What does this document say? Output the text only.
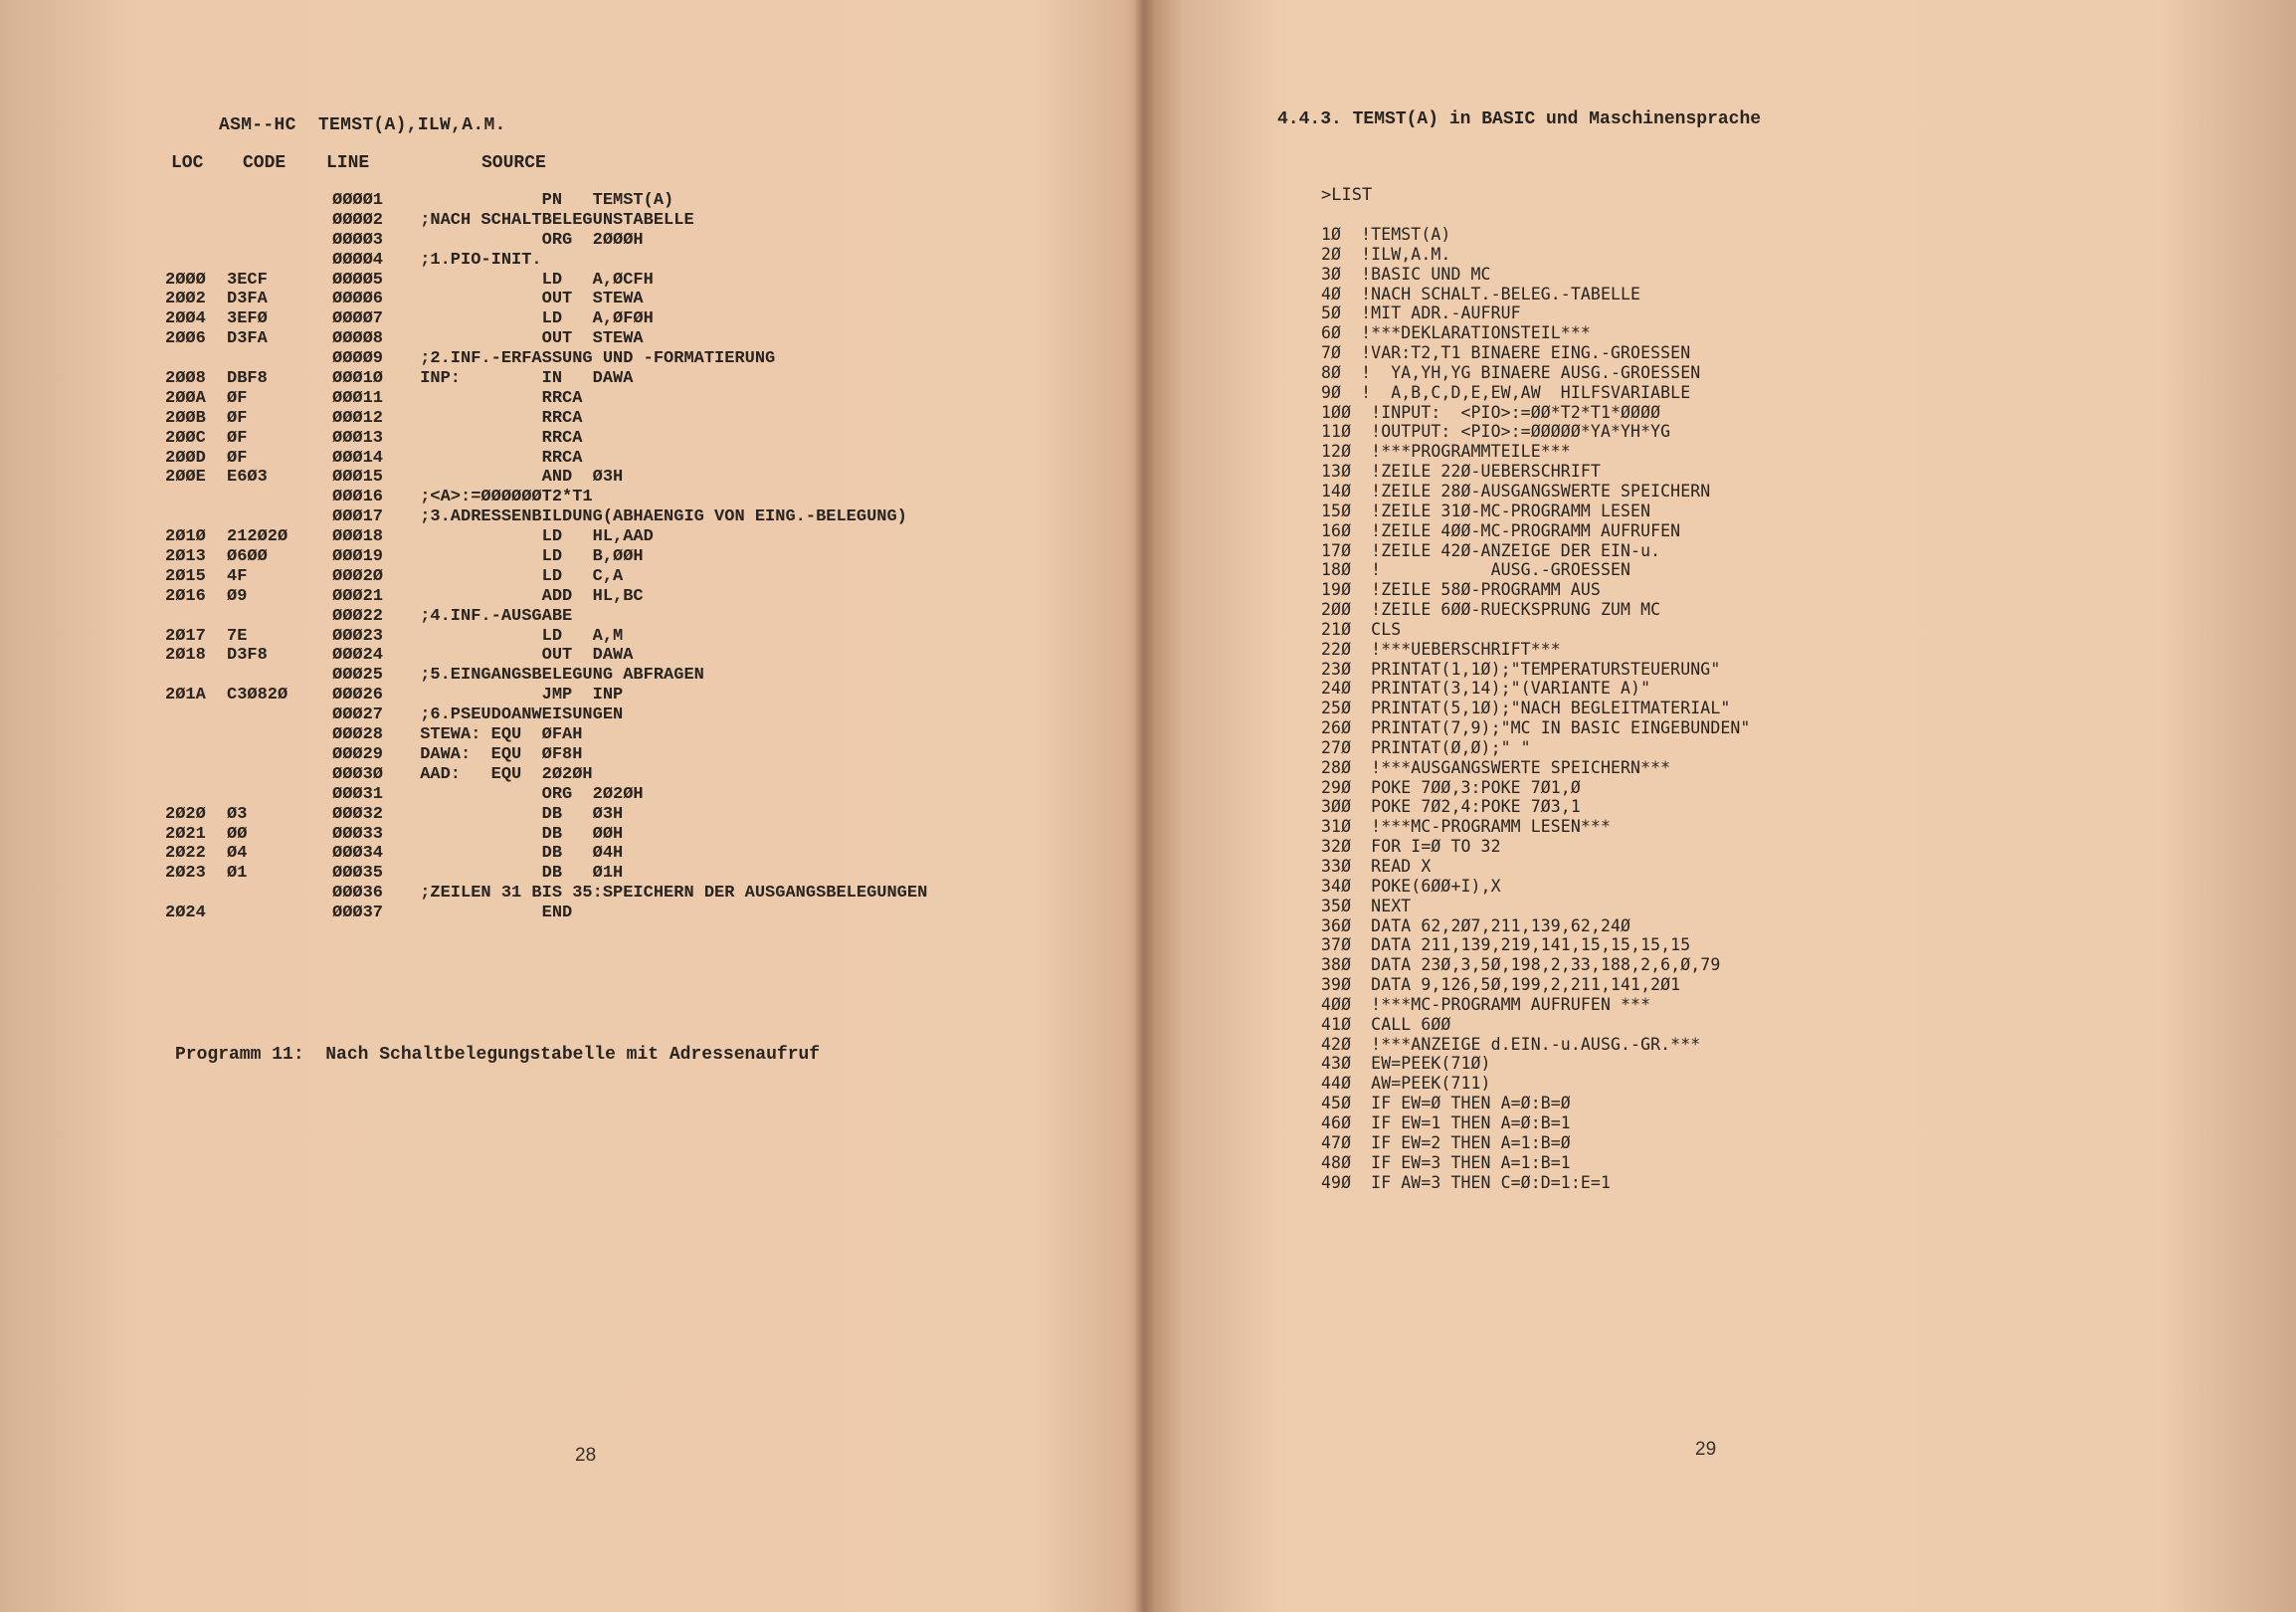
ASM--HC  TEMST(A),ILW,A.M.
LOC CODE LINE	SOURCE
ØØØØ1 PN   TEMST(A)
ØØØØ2 ;NACH SCHALTBELEGUNSTABELLE
ØØØØ3 ORG  2ØØØH
ØØØØ4 ;1.PIO-INIT.
2ØØØ 3ECF	ØØØØ5 LD   A,ØCFH
2ØØ2 D3FA	ØØØØ6 OUT  STEWA
2ØØ4 3EFØ	ØØØØ7 LD   A,ØFØH
2ØØ6 D3FA	ØØØØ8 OUT  STEWA
ØØØØ9 ;2.INF.-ERFASSUNG UND -FORMATIERUNG
2ØØ8 DBF8	ØØØ1Ø INP:        IN   DAWA
2ØØA ØF	ØØØ11 RRCA
2ØØB ØF	ØØØ12 RRCA
2ØØC ØF	ØØØ13 RRCA
2ØØD ØF	ØØØ14 RRCA
2ØØE E6Ø3	ØØØ15 AND  Ø3H
ØØØ16 ;<A>:=ØØØØØØT2*T1
ØØØ17 ;3.ADRESSENBILDUNG(ABHAENGIG VON EING.-BELEGUNG)
2Ø1Ø 212Ø2Ø	ØØØ18 LD   HL,AAD
2Ø13 Ø6ØØ	ØØØ19 LD   B,ØØH
2Ø15 4F	ØØØ2Ø LD   C,A
2Ø16 Ø9	ØØØ21 ADD  HL,BC
ØØØ22 ;4.INF.-AUSGABE
2Ø17 7E	ØØØ23 LD   A,M
2Ø18 D3F8	ØØØ24 OUT  DAWA
ØØØ25 ;5.EINGANGSBELEGUNG ABFRAGEN
2Ø1A C3Ø82Ø	ØØØ26 JMP  INP
ØØØ27 ;6.PSEUDOANWEISUNGEN
ØØØ28 STEWA: EQU  ØFAH
ØØØ29 DAWA:  EQU  ØF8H
ØØØ3Ø AAD:   EQU  2Ø2ØH
ØØØ31 ORG  2Ø2ØH
2Ø2Ø Ø3	ØØØ32 DB   Ø3H
2Ø21 ØØ	ØØØ33 DB   ØØH
2Ø22 Ø4	ØØØ34 DB   Ø4H
2Ø23 Ø1	ØØØ35 DB   Ø1H
ØØØ36 ;ZEILEN 31 BIS 35:SPEICHERN DER AUSGANGSBELEGUNGEN
2Ø24	ØØØ37 END
Programm 11:  Nach Schaltbelegungstabelle mit Adressenaufruf
28
4.4.3. TEMST(A) in BASIC und Maschinensprache
>LIST
1Ø  !TEMST(A)
2Ø  !ILW,A.M.
3Ø  !BASIC UND MC
4Ø  !NACH SCHALT.-BELEG.-TABELLE
5Ø  !MIT ADR.-AUFRUF
6Ø  !***DEKLARATIONSTEIL***
7Ø  !VAR:T2,T1 BINAERE EING.-GROESSEN
8Ø  !  YA,YH,YG BINAERE AUSG.-GROESSEN
9Ø  !  A,B,C,D,E,EW,AW  HILFSVARIABLE
1ØØ  !INPUT:  <PIO>:=ØØ*T2*T1*ØØØØ
11Ø  !OUTPUT: <PIO>:=ØØØØØ*YA*YH*YG
12Ø  !***PROGRAMMTEILE***
13Ø  !ZEILE 22Ø-UEBERSCHRIFT
14Ø  !ZEILE 28Ø-AUSGANGSWERTE SPEICHERN
15Ø  !ZEILE 31Ø-MC-PROGRAMM LESEN
16Ø  !ZEILE 4ØØ-MC-PROGRAMM AUFRUFEN
17Ø  !ZEILE 42Ø-ANZEIGE DER EIN-u.
18Ø  !           AUSG.-GROESSEN
19Ø  !ZEILE 58Ø-PROGRAMM AUS
2ØØ  !ZEILE 6ØØ-RUECKSPRUNG ZUM MC
21Ø  CLS
22Ø  !***UEBERSCHRIFT***
23Ø  PRINTAT(1,1Ø);"TEMPERATURSTEUERUNG"
24Ø  PRINTAT(3,14);"(VARIANTE A)"
25Ø  PRINTAT(5,1Ø);"NACH BEGLEITMATERIAL"
26Ø  PRINTAT(7,9);"MC IN BASIC EINGEBUNDEN"
27Ø  PRINTAT(Ø,Ø);" "
28Ø  !***AUSGANGSWERTE SPEICHERN***
29Ø  POKE 7ØØ,3:POKE 7Ø1,Ø
3ØØ  POKE 7Ø2,4:POKE 7Ø3,1
31Ø  !***MC-PROGRAMM LESEN***
32Ø  FOR I=Ø TO 32
33Ø  READ X
34Ø  POKE(6ØØ+I),X
35Ø  NEXT
36Ø  DATA 62,2Ø7,211,139,62,24Ø
37Ø  DATA 211,139,219,141,15,15,15,15
38Ø  DATA 23Ø,3,5Ø,198,2,33,188,2,6,Ø,79
39Ø  DATA 9,126,5Ø,199,2,211,141,2Ø1
4ØØ  !***MC-PROGRAMM AUFRUFEN ***
41Ø  CALL 6ØØ
42Ø  !***ANZEIGE d.EIN.-u.AUSG.-GR.***
43Ø  EW=PEEK(71Ø)
44Ø  AW=PEEK(711)
45Ø  IF EW=Ø THEN A=Ø:B=Ø
46Ø  IF EW=1 THEN A=Ø:B=1
47Ø  IF EW=2 THEN A=1:B=Ø
48Ø  IF EW=3 THEN A=1:B=1
49Ø  IF AW=3 THEN C=Ø:D=1:E=1
29
